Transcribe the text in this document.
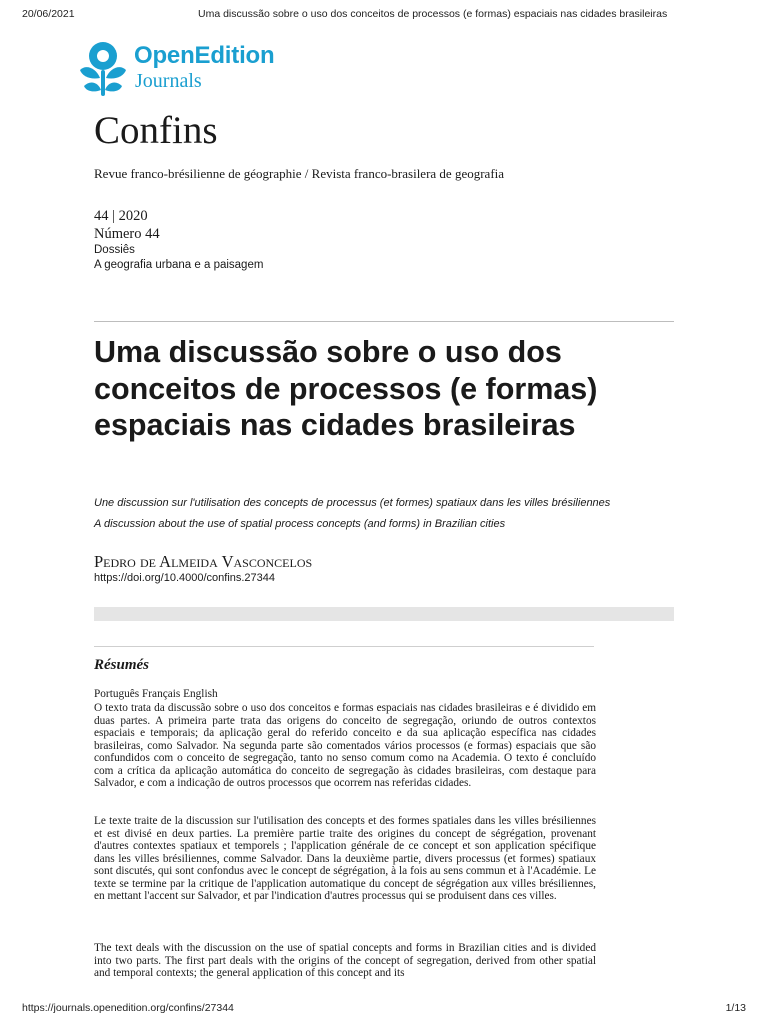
20/06/2021	Uma discussão sobre o uso dos conceitos de processos (e formas) espaciais nas cidades brasileiras
OpenEdition
Journals
Confins
Revue franco-brésilienne de géographie / Revista franco-brasilera de geografia
44 | 2020
Número 44
Dossiês
A geografia urbana e a paisagem
Uma discussão sobre o uso dos conceitos de processos (e formas) espaciais nas cidades brasileiras
Une discussion sur l'utilisation des concepts de processus (et formes) spatiaux dans les villes brésiliennes
A discussion about the use of spatial process concepts (and forms) in Brazilian cities
Pedro de Almeida Vasconcelos
https://doi.org/10.4000/confins.27344
Résumés
Português Français English

O texto trata da discussão sobre o uso dos conceitos e formas espaciais nas cidades brasileiras e é dividido em duas partes. A primeira parte trata das origens do conceito de segregação, oriundo de outros contextos espaciais e temporais; da aplicação geral do referido conceito e da sua aplicação específica nas cidades brasileiras, como Salvador. Na segunda parte são comentados vários processos (e formas) espaciais que são confundidos com o conceito de segregação, tanto no senso comum como na Academia. O texto é concluído com a crítica da aplicação automática do conceito de segregação às cidades brasileiras, com destaque para Salvador, e com a indicação de outros processos que ocorrem nas referidas cidades.

Le texte traite de la discussion sur l'utilisation des concepts et des formes spatiales dans les villes brésiliennes et est divisé en deux parties. La première partie traite des origines du concept de ségrégation, provenant d'autres contextes spatiaux et temporels ; l'application générale de ce concept et son application spécifique dans les villes brésiliennes, comme Salvador. Dans la deuxième partie, divers processus (et formes) spatiaux sont discutés, qui sont confondus avec le concept de ségrégation, à la fois au sens commun et à l'Académie. Le texte se termine par la critique de l'application automatique du concept de ségrégation aux villes brésiliennes, en mettant l'accent sur Salvador, et par l'indication d'autres processus qui se produisent dans ces villes.

The text deals with the discussion on the use of spatial concepts and forms in Brazilian cities and is divided into two parts. The first part deals with the origins of the concept of segregation, derived from other spatial and temporal contexts; the general application of this concept and its

https://journals.openedition.org/confins/27344	1/13
